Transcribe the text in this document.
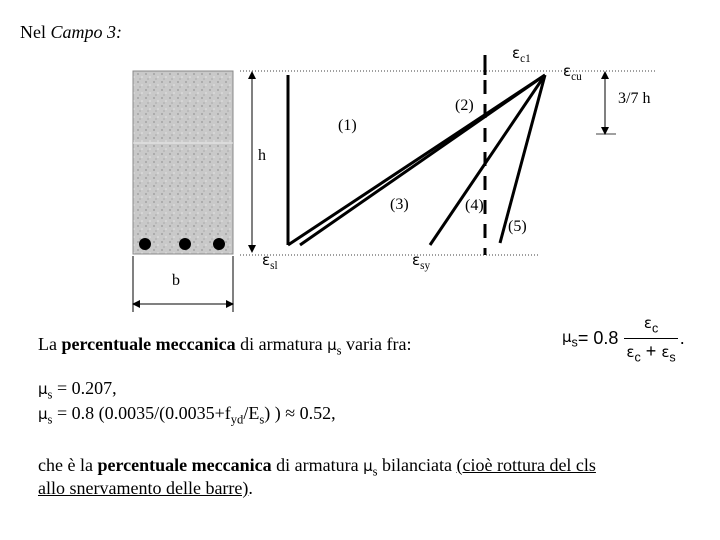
Nel Campo 3:
$\varepsilon_{c1}$
$\varepsilon_{cu}$
3/7 h
h
b
$\varepsilon_{sl}$	$\varepsilon_{sy}$
(1)
(2)
(3)	(4)
(5)
La percentuale meccanica di armatura $\mu_s$ varia fra:	$\mu_s = 0.8$
$\varepsilon_c$
$\varepsilon_c + \varepsilon_s$
.
$\mu_s = 0.207$,
$\mu_s = 0.8$ ($0.0035/(0.0035+f_{yd}/E_s)$ ) ≈ 0.52,
che è la percentuale meccanica di armatura $\mu_s$ bilanciata (cioè rottura del cls
allo snervamento delle barre).
